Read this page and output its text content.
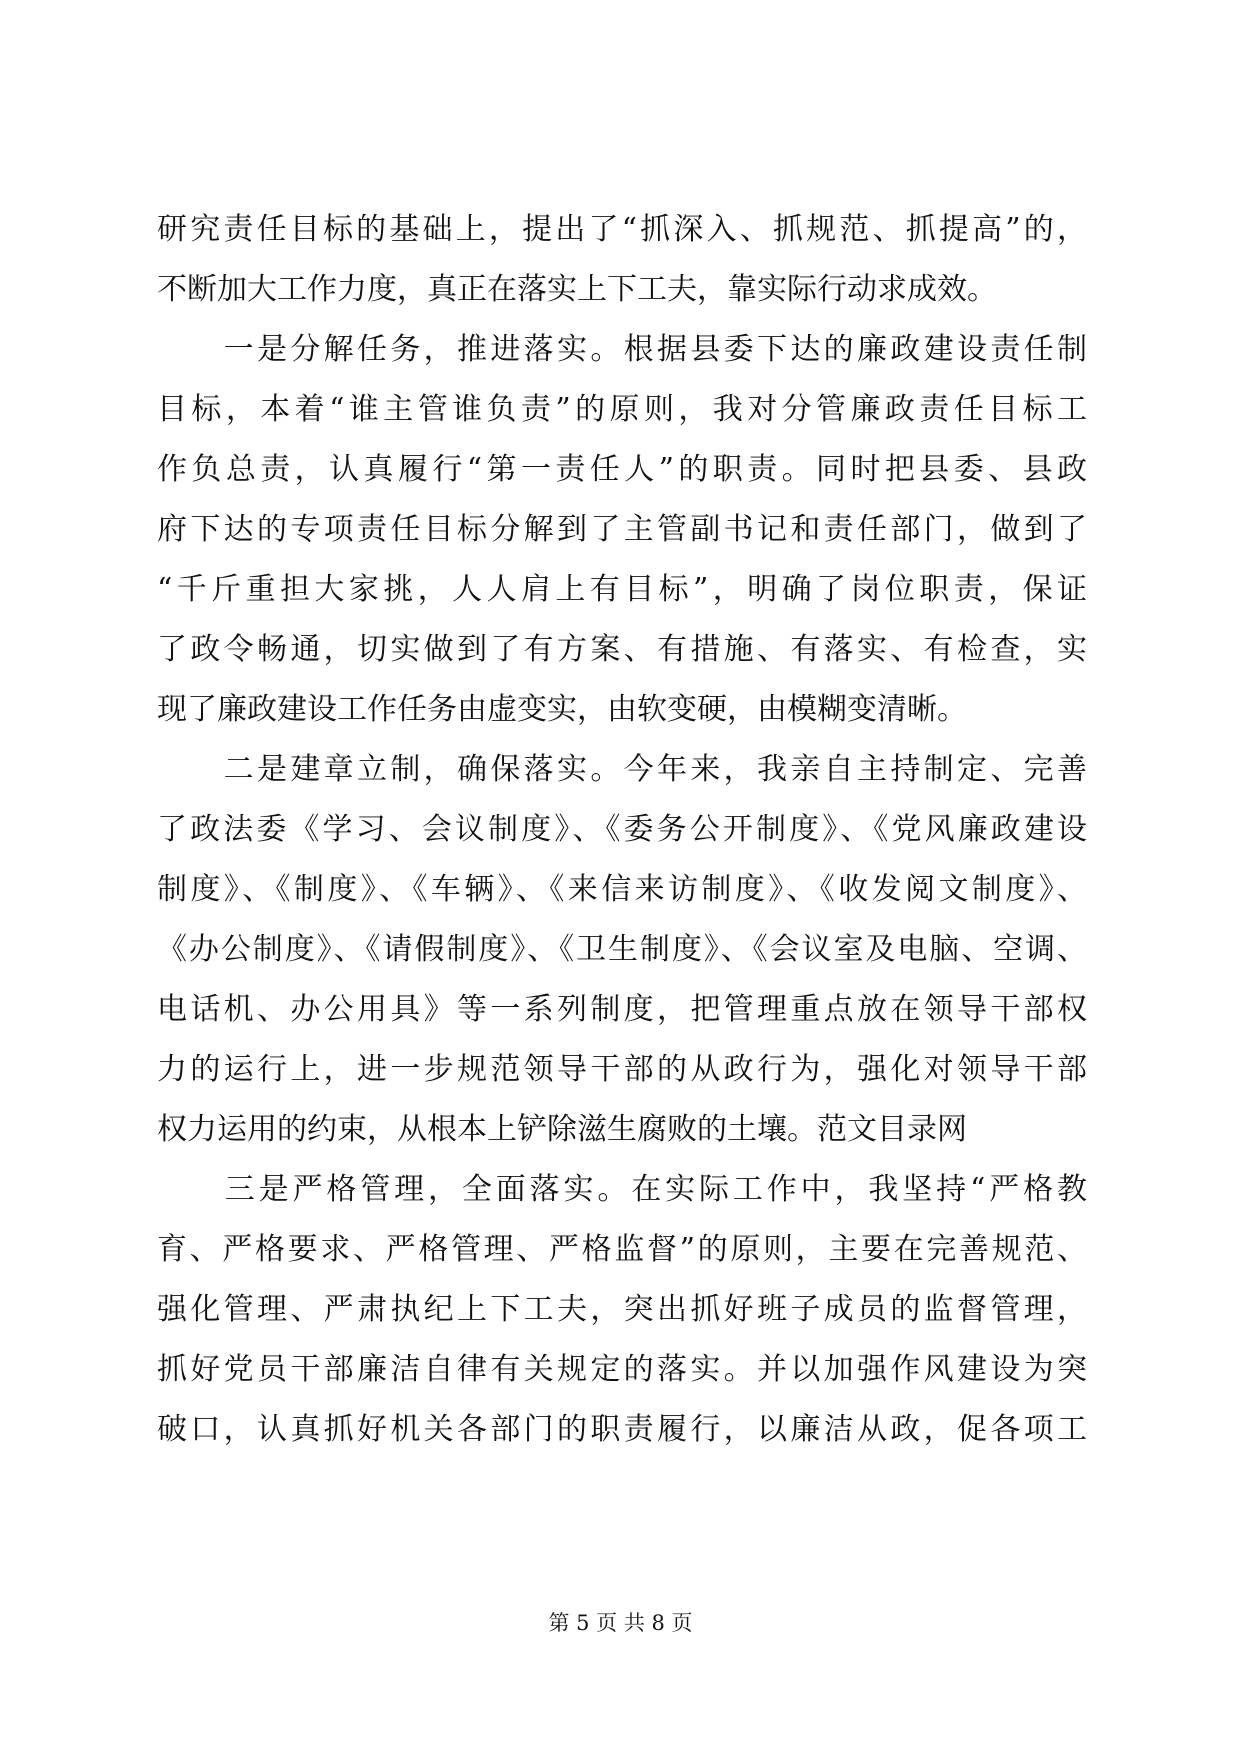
研究责任目标的基础上，提出了“抓深入、抓规范、抓提高”的，
不断加大工作力度，真正在落实上下工夫，靠实际行动求成效。
　　一是分解任务，推进落实。根据县委下达的廉政建设责任制
目标，本着“谁主管谁负责”的原则，我对分管廉政责任目标工
作负总责，认真履行“第一责任人”的职责。同时把县委、县政
府下达的专项责任目标分解到了主管副书记和责任部门，做到了
“千斤重担大家挑，人人肩上有目标”，明确了岗位职责，保证
了政令畅通，切实做到了有方案、有措施、有落实、有检查，实
现了廉政建设工作任务由虚变实，由软变硬，由模糊变清晰。
　　二是建章立制，确保落实。今年来，我亲自主持制定、完善
了政法委《学习、会议制度》、《委务公开制度》、《党风廉政建设
制度》、《制度》、《车辆》、《来信来访制度》、《收发阅文制度》、
《办公制度》、《请假制度》、《卫生制度》、《会议室及电脑、空调、
电话机、办公用具》等一系列制度，把管理重点放在领导干部权
力的运行上，进一步规范领导干部的从政行为，强化对领导干部
权力运用的约束，从根本上铲除滋生腐败的土壤。范文目录网
　　三是严格管理，全面落实。在实际工作中，我坚持“严格教
育、严格要求、严格管理、严格监督”的原则，主要在完善规范、
强化管理、严肃执纪上下工夫，突出抓好班子成员的监督管理，
抓好党员干部廉洁自律有关规定的落实。并以加强作风建设为突
破口，认真抓好机关各部门的职责履行，以廉洁从政，促各项工
第 5 页 共 8 页
